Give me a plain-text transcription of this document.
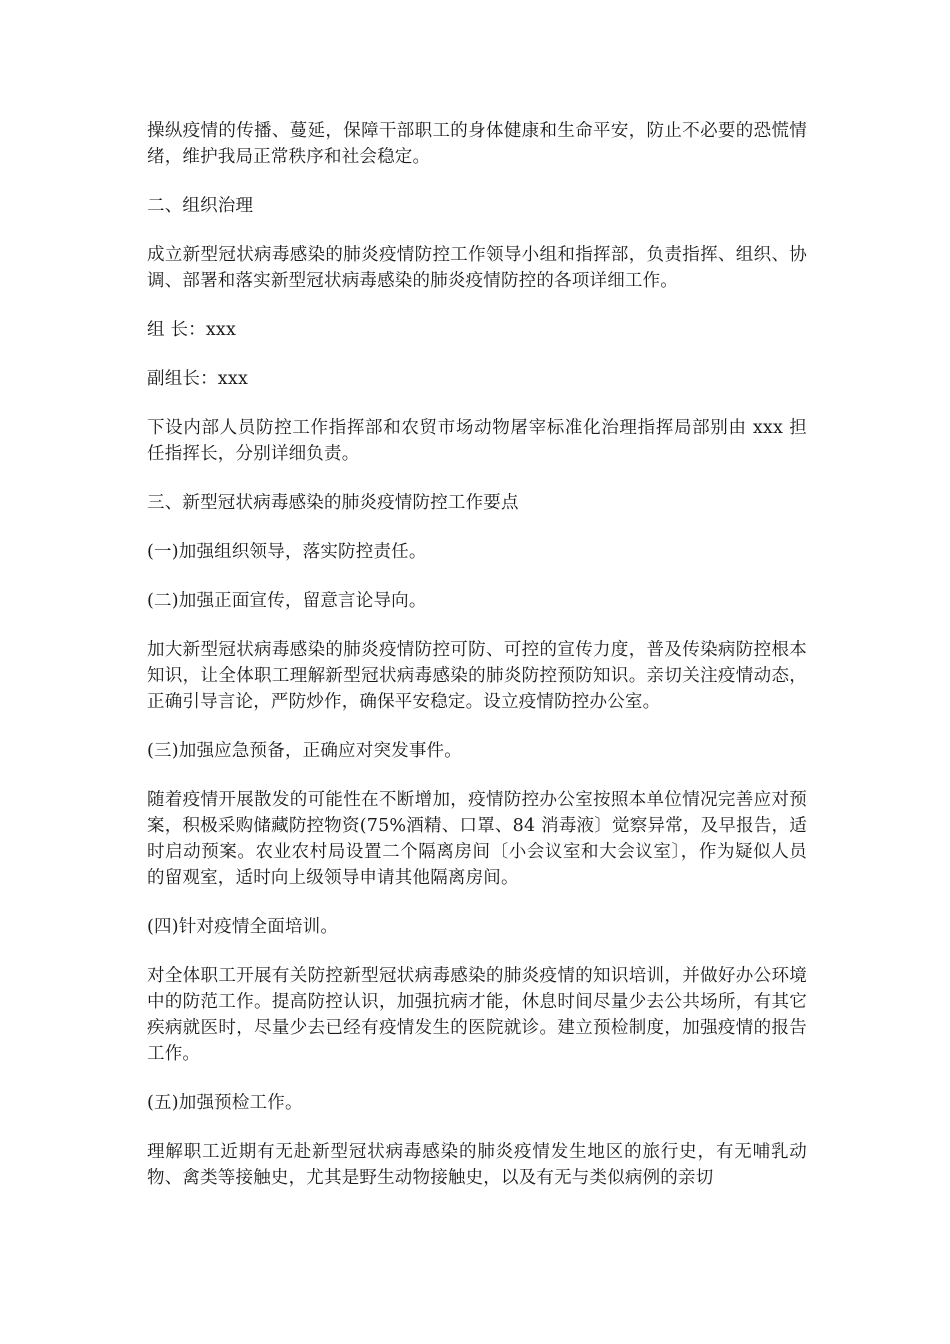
操纵疫情的传播、蔓延，保障干部职工的身体健康和生命平安，防止不必要的恐慌情绪，维护我局正常秩序和社会稳定。

二、组织治理

成立新型冠状病毒感染的肺炎疫情防控工作领导小组和指挥部，负责指挥、组织、协调、部署和落实新型冠状病毒感染的肺炎疫情防控的各项详细工作。

组 长：xxx

副组长：xxx

下设内部人员防控工作指挥部和农贸市场动物屠宰标准化治理指挥局部别由 xxx 担任指挥长，分别详细负责。

三、新型冠状病毒感染的肺炎疫情防控工作要点

(一)加强组织领导，落实防控责任。

(二)加强正面宣传，留意言论导向。

加大新型冠状病毒感染的肺炎疫情防控可防、可控的宣传力度，普及传染病防控根本知识，让全体职工理解新型冠状病毒感染的肺炎防控预防知识。亲切关注疫情动态，正确引导言论，严防炒作，确保平安稳定。设立疫情防控办公室。

(三)加强应急预备，正确应对突发事件。

随着疫情开展散发的可能性在不断增加，疫情防控办公室按照本单位情况完善应对预案，积极采购储藏防控物资(75%酒精、口罩、84 消毒液〕觉察异常，及早报告，适时启动预案。农业农村局设置二个隔离房间〔小会议室和大会议室〕，作为疑似人员的留观室，适时向上级领导申请其他隔离房间。

(四)针对疫情全面培训。

对全体职工开展有关防控新型冠状病毒感染的肺炎疫情的知识培训，并做好办公环境中的防范工作。提高防控认识，加强抗病才能，休息时间尽量少去公共场所，有其它疾病就医时，尽量少去已经有疫情发生的医院就诊。建立预检制度，加强疫情的报告工作。

(五)加强预检工作。

理解职工近期有无赴新型冠状病毒感染的肺炎疫情发生地区的旅行史，有无哺乳动物、禽类等接触史，尤其是野生动物接触史，以及有无与类似病例的亲切
